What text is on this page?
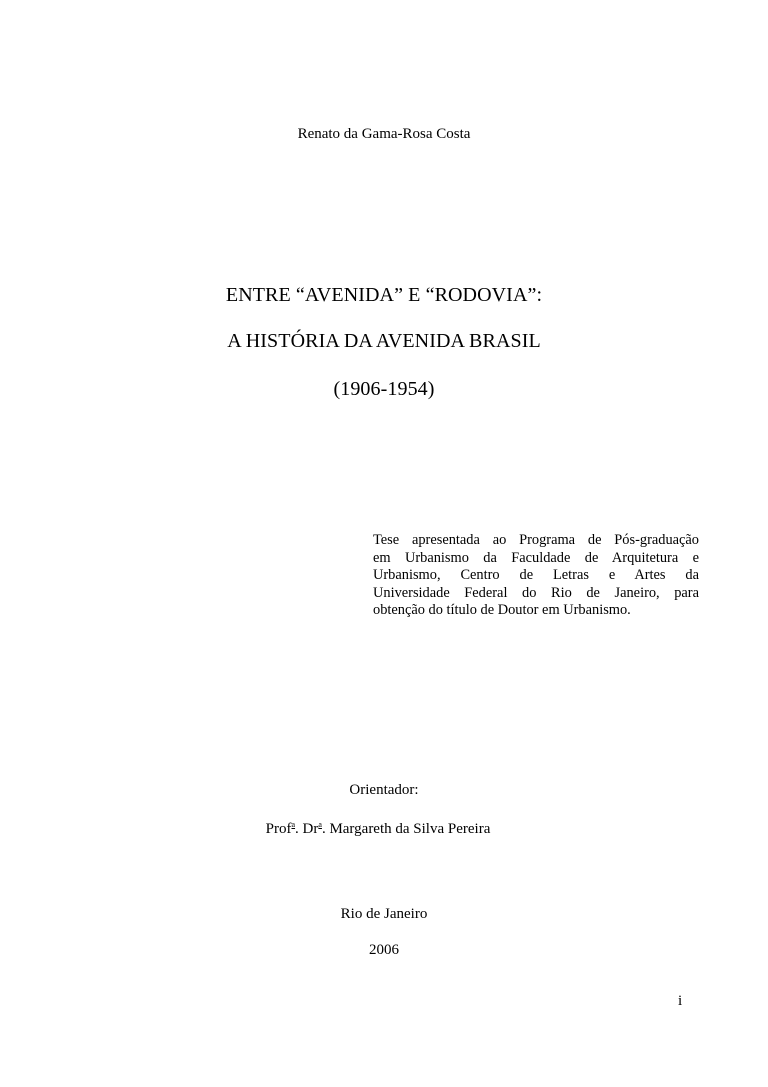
Renato da Gama-Rosa Costa
ENTRE “AVENIDA” E “RODOVIA”:
A HISTÓRIA DA AVENIDA BRASIL
(1906-1954)
Tese apresentada ao Programa de Pós-graduação
em Urbanismo da Faculdade de Arquitetura e
Urbanismo, Centro de Letras e Artes da
Universidade Federal do Rio de Janeiro, para
obtenção do título de Doutor em Urbanismo.
Orientador:
Prof$^a$. Dr$^a$. Margareth da Silva Pereira
Rio de Janeiro
2006
i
